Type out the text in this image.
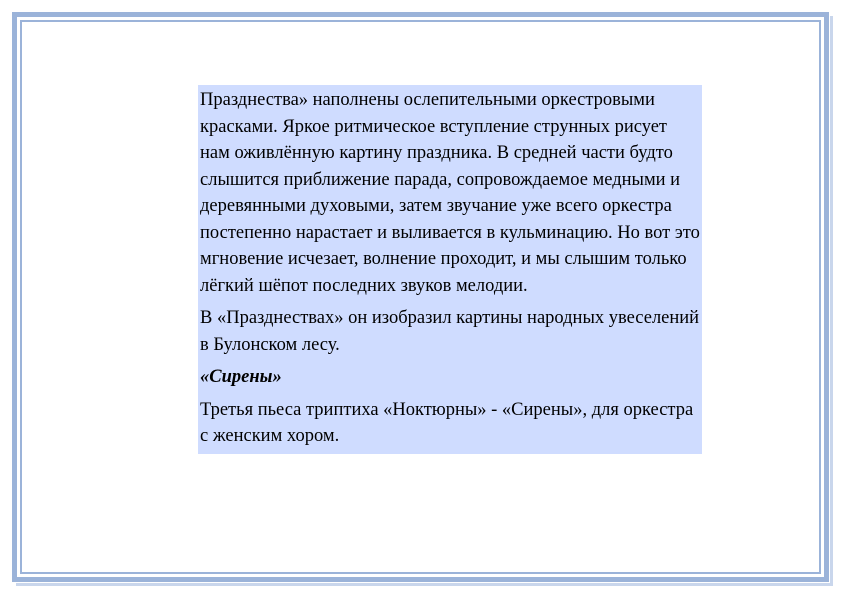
Празднества» наполнены ослепительными оркестровыми красками. Яркое ритмическое вступление струнных рисует нам оживлённую картину праздника. В средней части будто слышится приближение парада, сопровождаемое медными и деревянными духовыми, затем звучание уже всего оркестра постепенно нарастает и выливается в кульминацию. Но вот это мгновение исчезает, волнение проходит, и мы слышим только лёгкий шёпот последних звуков мелодии.

В «Празднествах» он изобразил картины народных увеселений в Булонском лесу.

«Сирены»

Третья пьеса триптиха «Ноктюрны» - «Сирены», для оркестра с женским хором.
